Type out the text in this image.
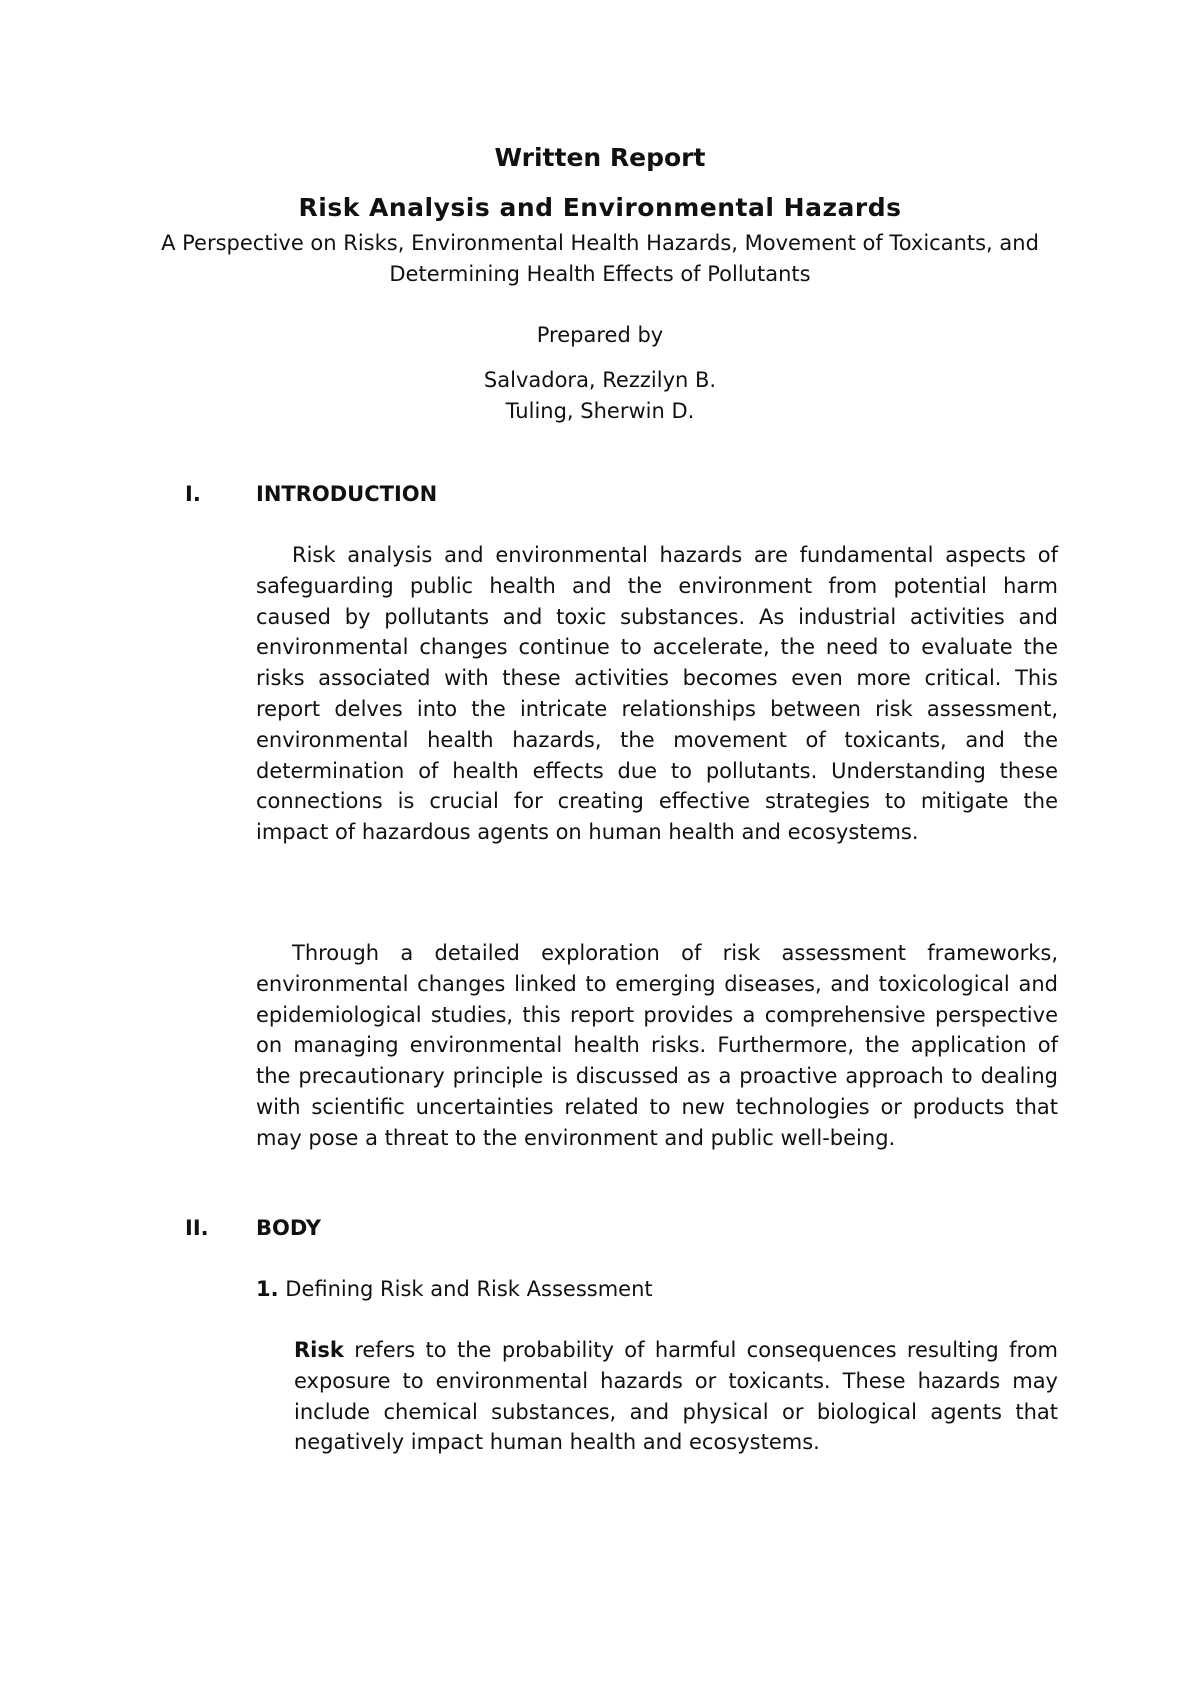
Written Report

Risk Analysis and Environmental Hazards

A Perspective on Risks, Environmental Health Hazards, Movement of Toxicants, and Determining Health Effects of Pollutants

Prepared by

Salvadora, Rezzilyn B.
Tuling, Sherwin D.
I.	INTRODUCTION

Risk analysis and environmental hazards are fundamental aspects of safeguarding public health and the environment from potential harm caused by pollutants and toxic substances. As industrial activities and environmental changes continue to accelerate, the need to evaluate the risks associated with these activities becomes even more critical. This report delves into the intricate relationships between risk assessment, environmental health hazards, the movement of toxicants, and the determination of health effects due to pollutants. Understanding these connections is crucial for creating effective strategies to mitigate the impact of hazardous agents on human health and ecosystems.

Through a detailed exploration of risk assessment frameworks, environmental changes linked to emerging diseases, and toxicological and epidemiological studies, this report provides a comprehensive perspective on managing environmental health risks. Furthermore, the application of the precautionary principle is discussed as a proactive approach to dealing with scientific uncertainties related to new technologies or products that may pose a threat to the environment and public well-being.

II. BODY
1. Defining Risk and Risk Assessment

Risk refers to the probability of harmful consequences resulting from exposure to environmental hazards or toxicants. These hazards may include chemical substances, and physical or biological agents that negatively impact human health and ecosystems.
